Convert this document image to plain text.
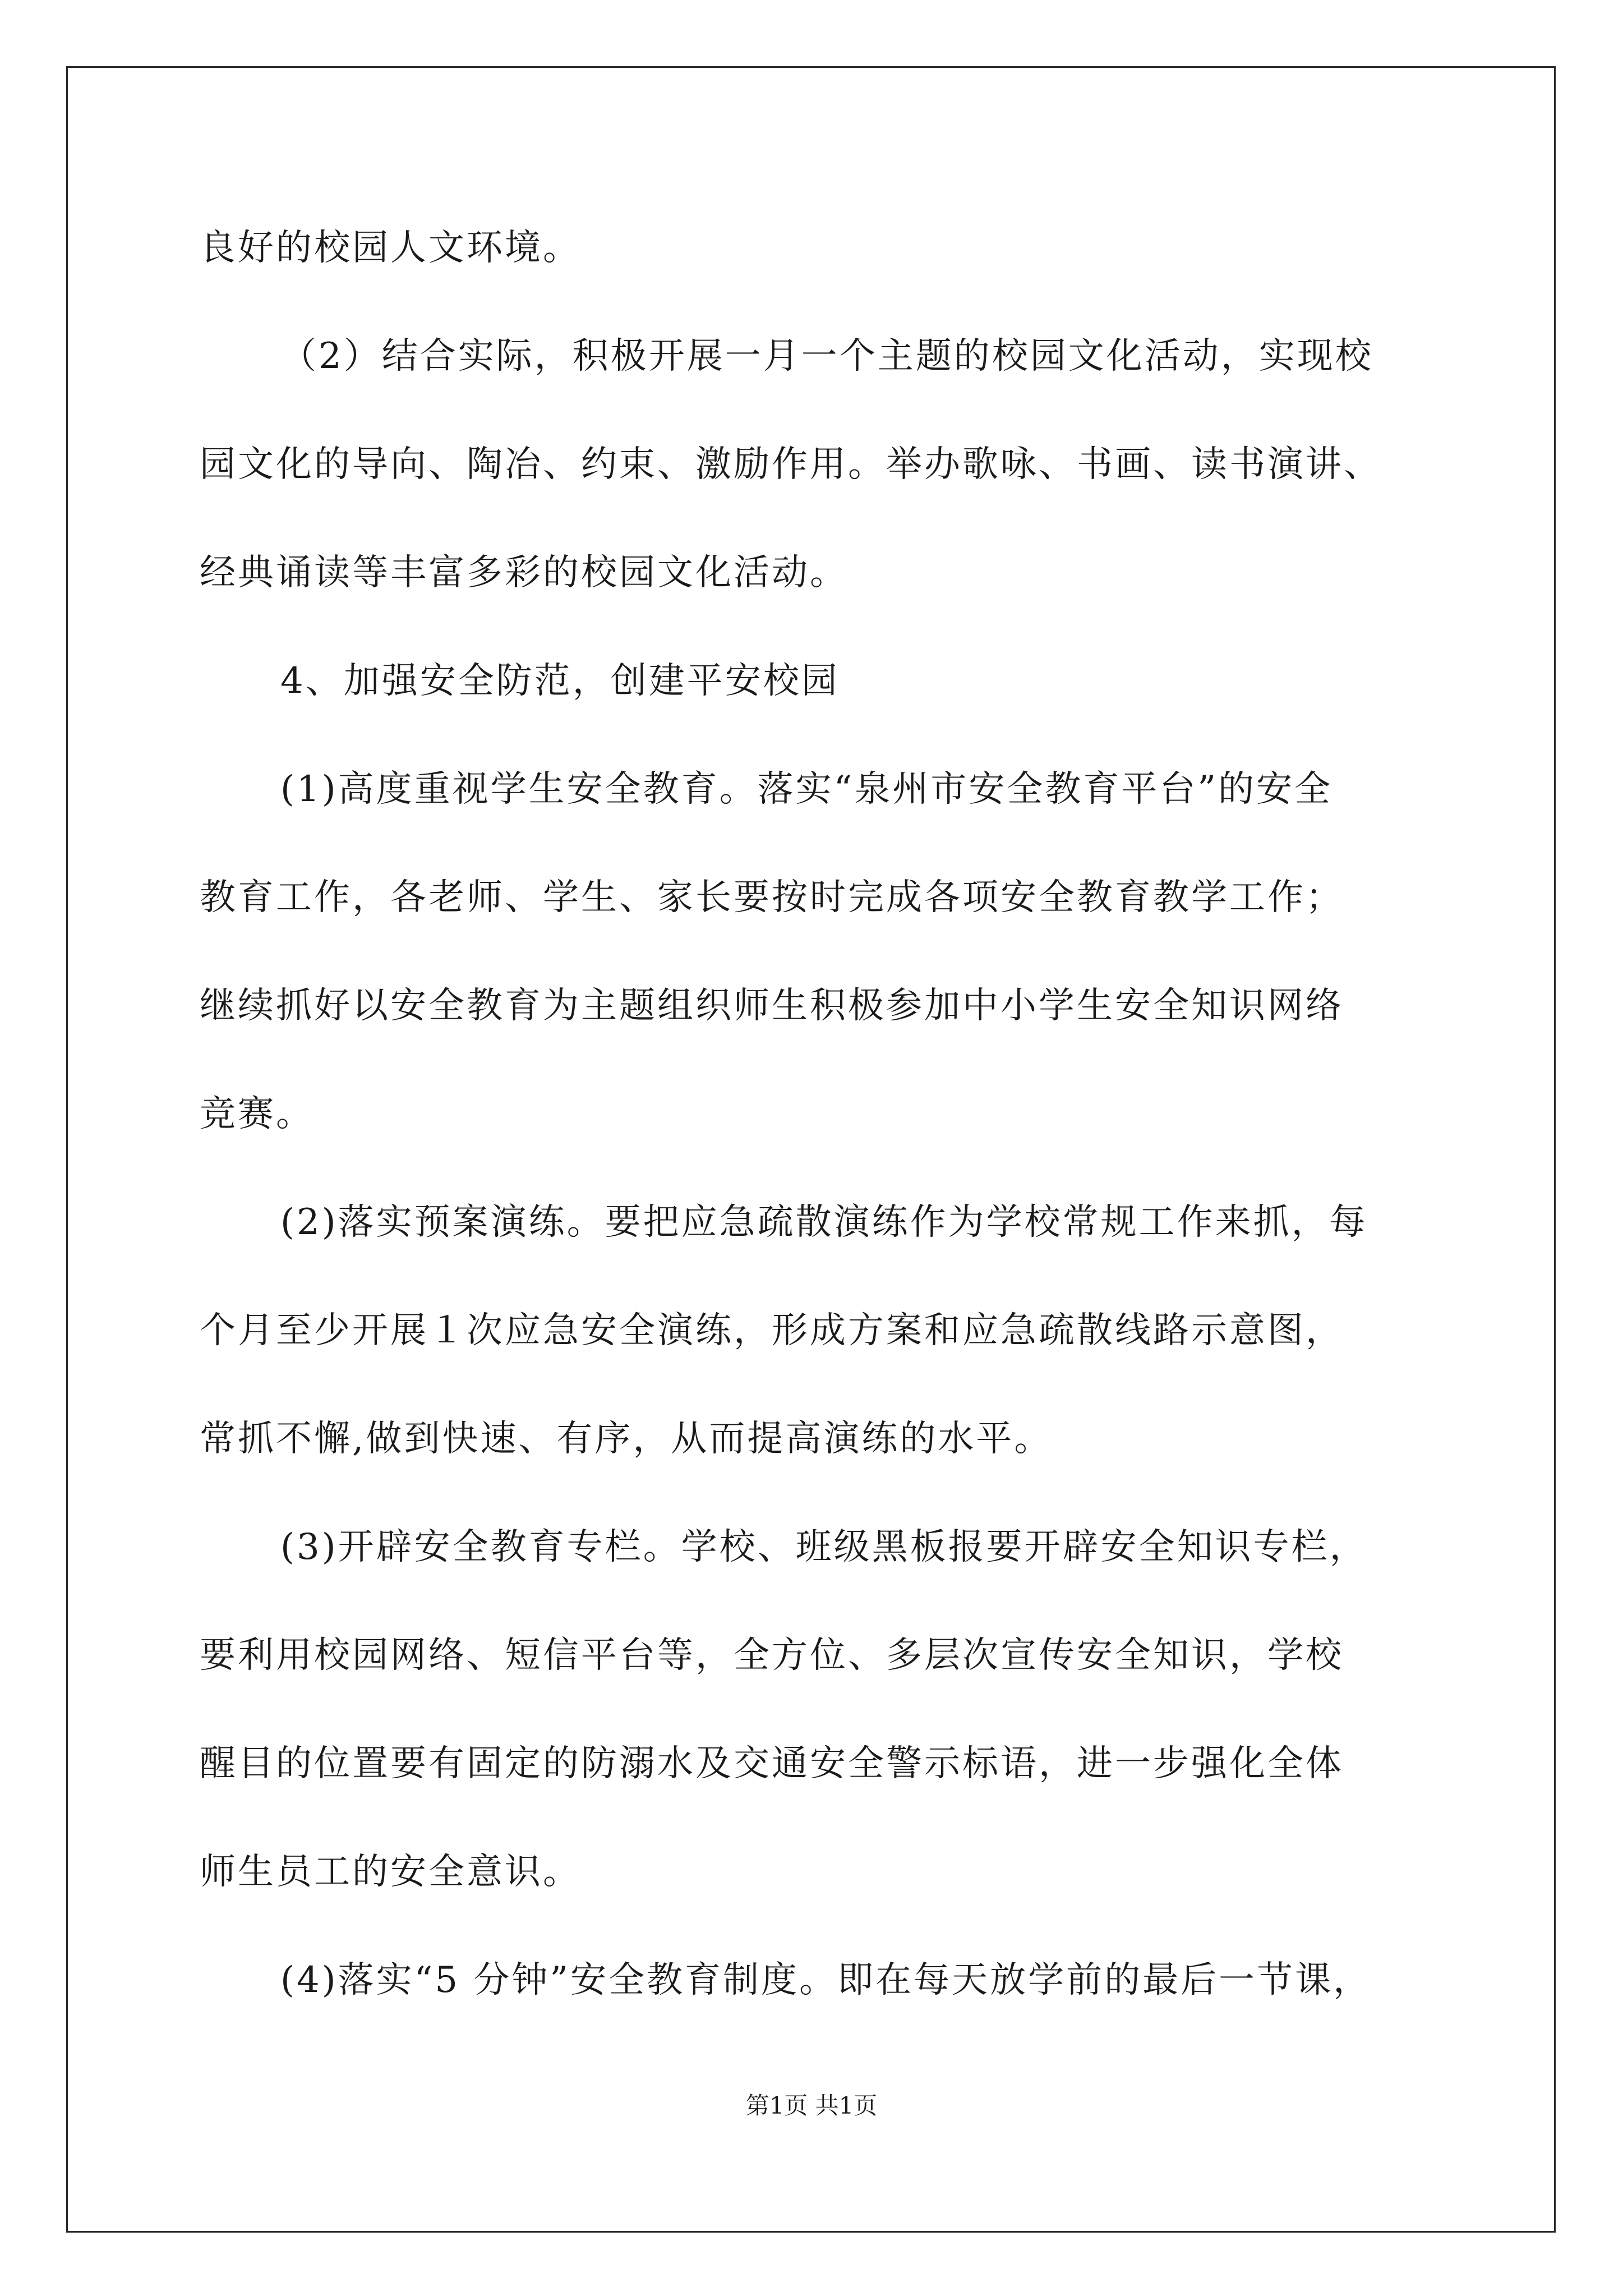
良好的校园人文环境。
（2）结合实际，积极开展一月一个主题的校园文化活动，实现校
园文化的导向、陶冶、约束、激励作用。举办歌咏、书画、读书演讲、
经典诵读等丰富多彩的校园文化活动。
4、加强安全防范，创建平安校园
(1)高度重视学生安全教育。落实“泉州市安全教育平台”的安全
教育工作，各老师、学生、家长要按时完成各项安全教育教学工作；
继续抓好以安全教育为主题组织师生积极参加中小学生安全知识网络
竞赛。
(2)落实预案演练。要把应急疏散演练作为学校常规工作来抓，每
个月至少开展１次应急安全演练，形成方案和应急疏散线路示意图，
常抓不懈,做到快速、有序，从而提高演练的水平。
(3)开辟安全教育专栏。学校、班级黑板报要开辟安全知识专栏，
要利用校园网络、短信平台等，全方位、多层次宣传安全知识，学校
醒目的位置要有固定的防溺水及交通安全警示标语，进一步强化全体
师生员工的安全意识。
(4)落实“5 分钟”安全教育制度。即在每天放学前的最后一节课，
第1页 共1页
